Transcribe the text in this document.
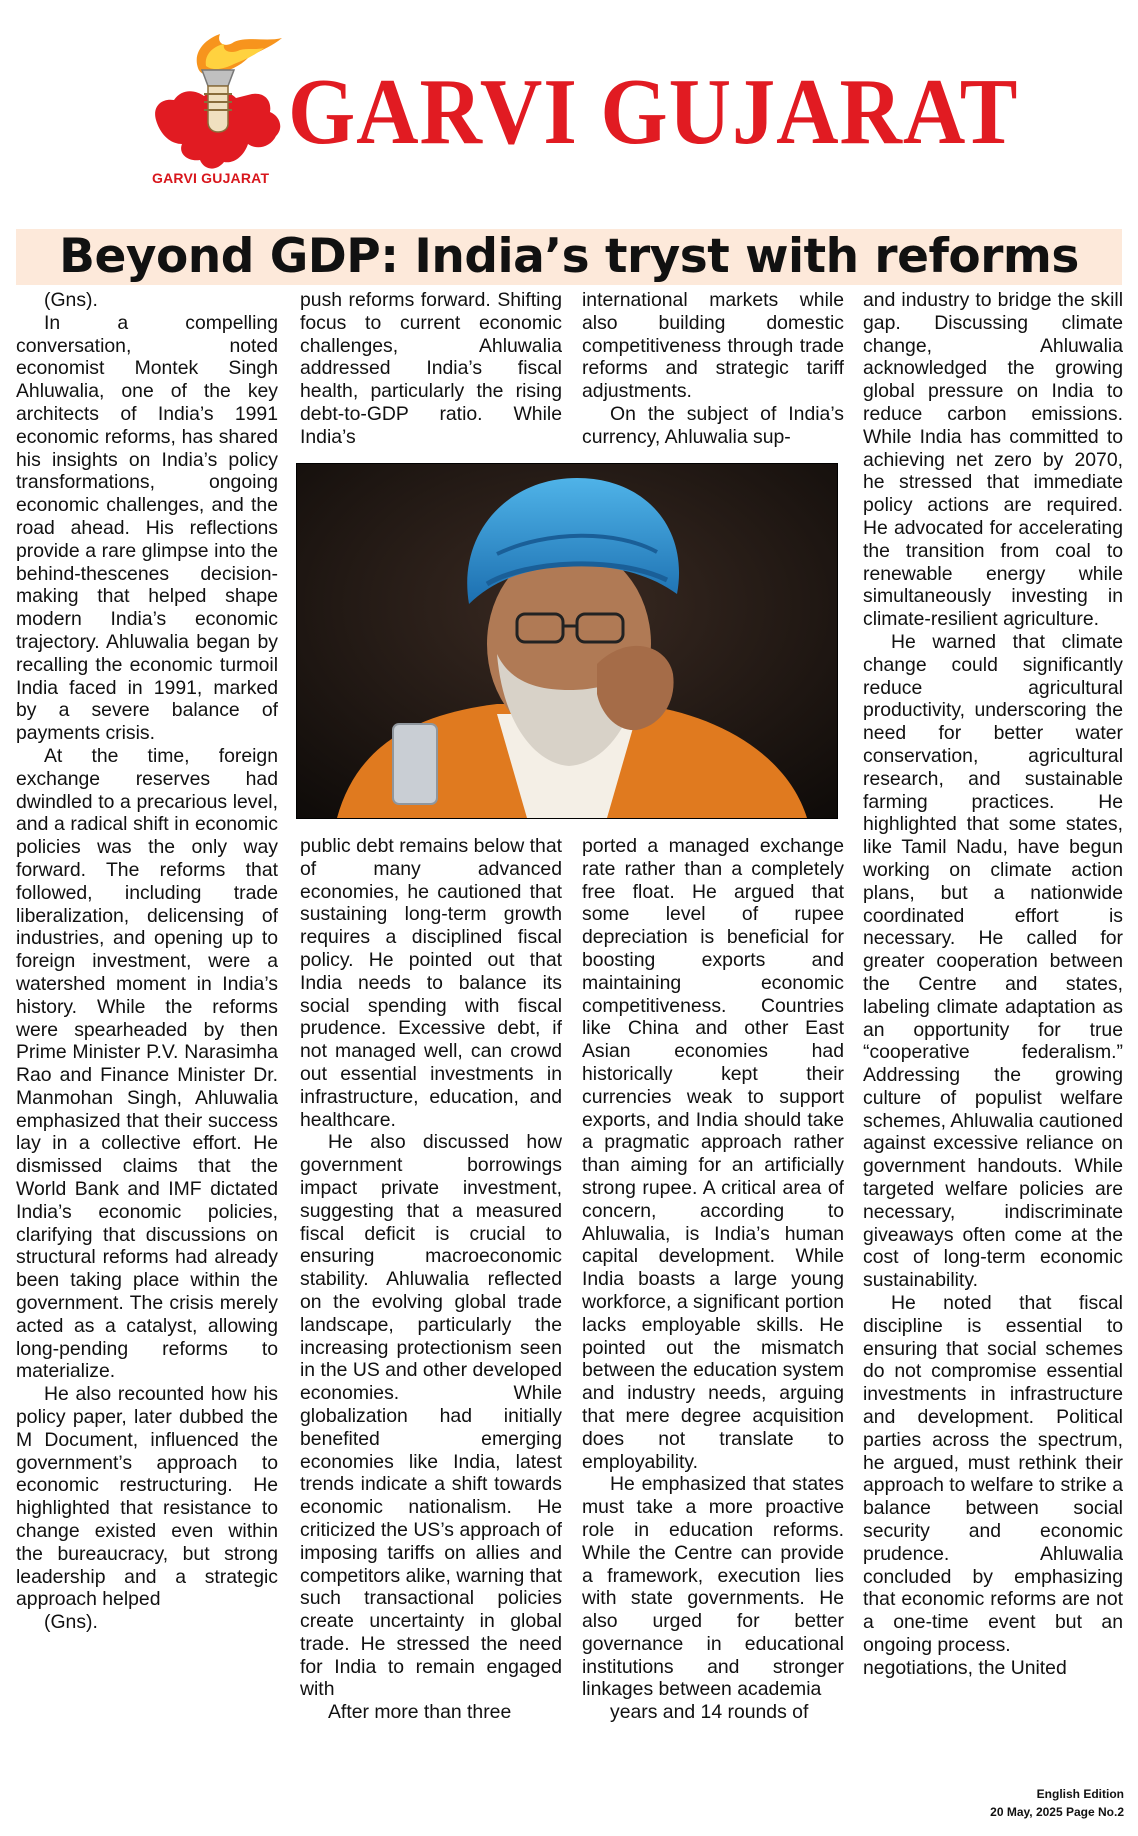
GARVI GUJARAT
GARVI GUJARAT
Beyond GDP: India’s tryst with reforms

(Gns).

In a compelling conversation, noted economist Montek Singh Ahluwalia, one of the key architects of India’s 1991 economic reforms, has shared his insights on India’s policy transformations, ongoing economic challenges, and the road ahead. His reflections provide a rare glimpse into the behind-thescenes decision-making that helped shape modern India’s economic trajectory. Ahluwalia began by recalling the economic turmoil India faced in 1991, marked by a severe balance of payments crisis.

At the time, foreign exchange reserves had dwindled to a precarious level, and a radical shift in economic policies was the only way forward. The reforms that followed, including trade liberalization, delicensing of industries, and opening up to foreign investment, were a watershed moment in India’s history. While the reforms were spearheaded by then Prime Minister P.V. Narasimha Rao and Finance Minister Dr. Manmohan Singh, Ahluwalia emphasized that their success lay in a collective effort. He dismissed claims that the World Bank and IMF dictated India’s economic policies, clarifying that discussions on structural reforms had already been taking place within the government. The crisis merely acted as a catalyst, allowing long-pending reforms to materialize.

He also recounted how his policy paper, later dubbed the M Document, influenced the government’s approach to economic restructuring. He highlighted that resistance to change existed even within the bureaucracy, but strong leadership and a strategic approach helped

(Gns).

push reforms forward. Shifting focus to current economic challenges, Ahluwalia addressed India’s fiscal health, particularly the rising debt-to-GDP ratio. While India’s

international markets while also building domestic competitiveness through trade reforms and strategic tariff adjustments.

On the subject of India’s currency, Ahluwalia sup-

public debt remains below that of many advanced economies, he cautioned that sustaining long-term growth requires a disciplined fiscal policy. He pointed out that India needs to balance its social spending with fiscal prudence. Excessive debt, if not managed well, can crowd out essential investments in infrastructure, education, and healthcare.

He also discussed how government borrowings impact private investment, suggesting that a measured fiscal deficit is crucial to ensuring macroeconomic stability. Ahluwalia reflected on the evolving global trade landscape, particularly the increasing protectionism seen in the US and other developed economies. While globalization had initially benefited emerging economies like India, latest trends indicate a shift towards economic nationalism. He criticized the US’s approach of imposing tariffs on allies and competitors alike, warning that such transactional policies create uncertainty in global trade. He stressed the need for India to remain engaged with

After more than three

ported a managed exchange rate rather than a completely free float. He argued that some level of rupee depreciation is beneficial for boosting exports and maintaining economic competitiveness. Countries like China and other East Asian economies had historically kept their currencies weak to support exports, and India should take a pragmatic approach rather than aiming for an artificially strong rupee. A critical area of concern, according to Ahluwalia, is India’s human capital development. While India boasts a large young workforce, a significant portion lacks employable skills. He pointed out the mismatch between the education system and industry needs, arguing that mere degree acquisition does not translate to employability.

He emphasized that states must take a more proactive role in education reforms. While the Centre can provide a framework, execution lies with state governments. He also urged for better governance in educational institutions and stronger linkages between academia

years and 14 rounds of

and industry to bridge the skill gap. Discussing climate change, Ahluwalia acknowledged the growing global pressure on India to reduce carbon emissions. While India has committed to achieving net zero by 2070, he stressed that immediate policy actions are required. He advocated for accelerating the transition from coal to renewable energy while simultaneously investing in climate-resilient agriculture.

He warned that climate change could significantly reduce agricultural productivity, underscoring the need for better water conservation, agricultural research, and sustainable farming practices. He highlighted that some states, like Tamil Nadu, have begun working on climate action plans, but a nationwide coordinated effort is necessary. He called for greater cooperation between the Centre and states, labeling climate adaptation as an opportunity for true “cooperative federalism.” Addressing the growing culture of populist welfare schemes, Ahluwalia cautioned against excessive reliance on government handouts. While targeted welfare policies are necessary, indiscriminate giveaways often come at the cost of long-term economic sustainability.

He noted that fiscal discipline is essential to ensuring that social schemes do not compromise essential investments in infrastructure and development. Political parties across the spectrum, he argued, must rethink their approach to welfare to strike a balance between social security and economic prudence. Ahluwalia concluded by emphasizing that economic reforms are not a one-time event but an ongoing process.

negotiations, the United

English Edition
20 May, 2025 Page No.2
